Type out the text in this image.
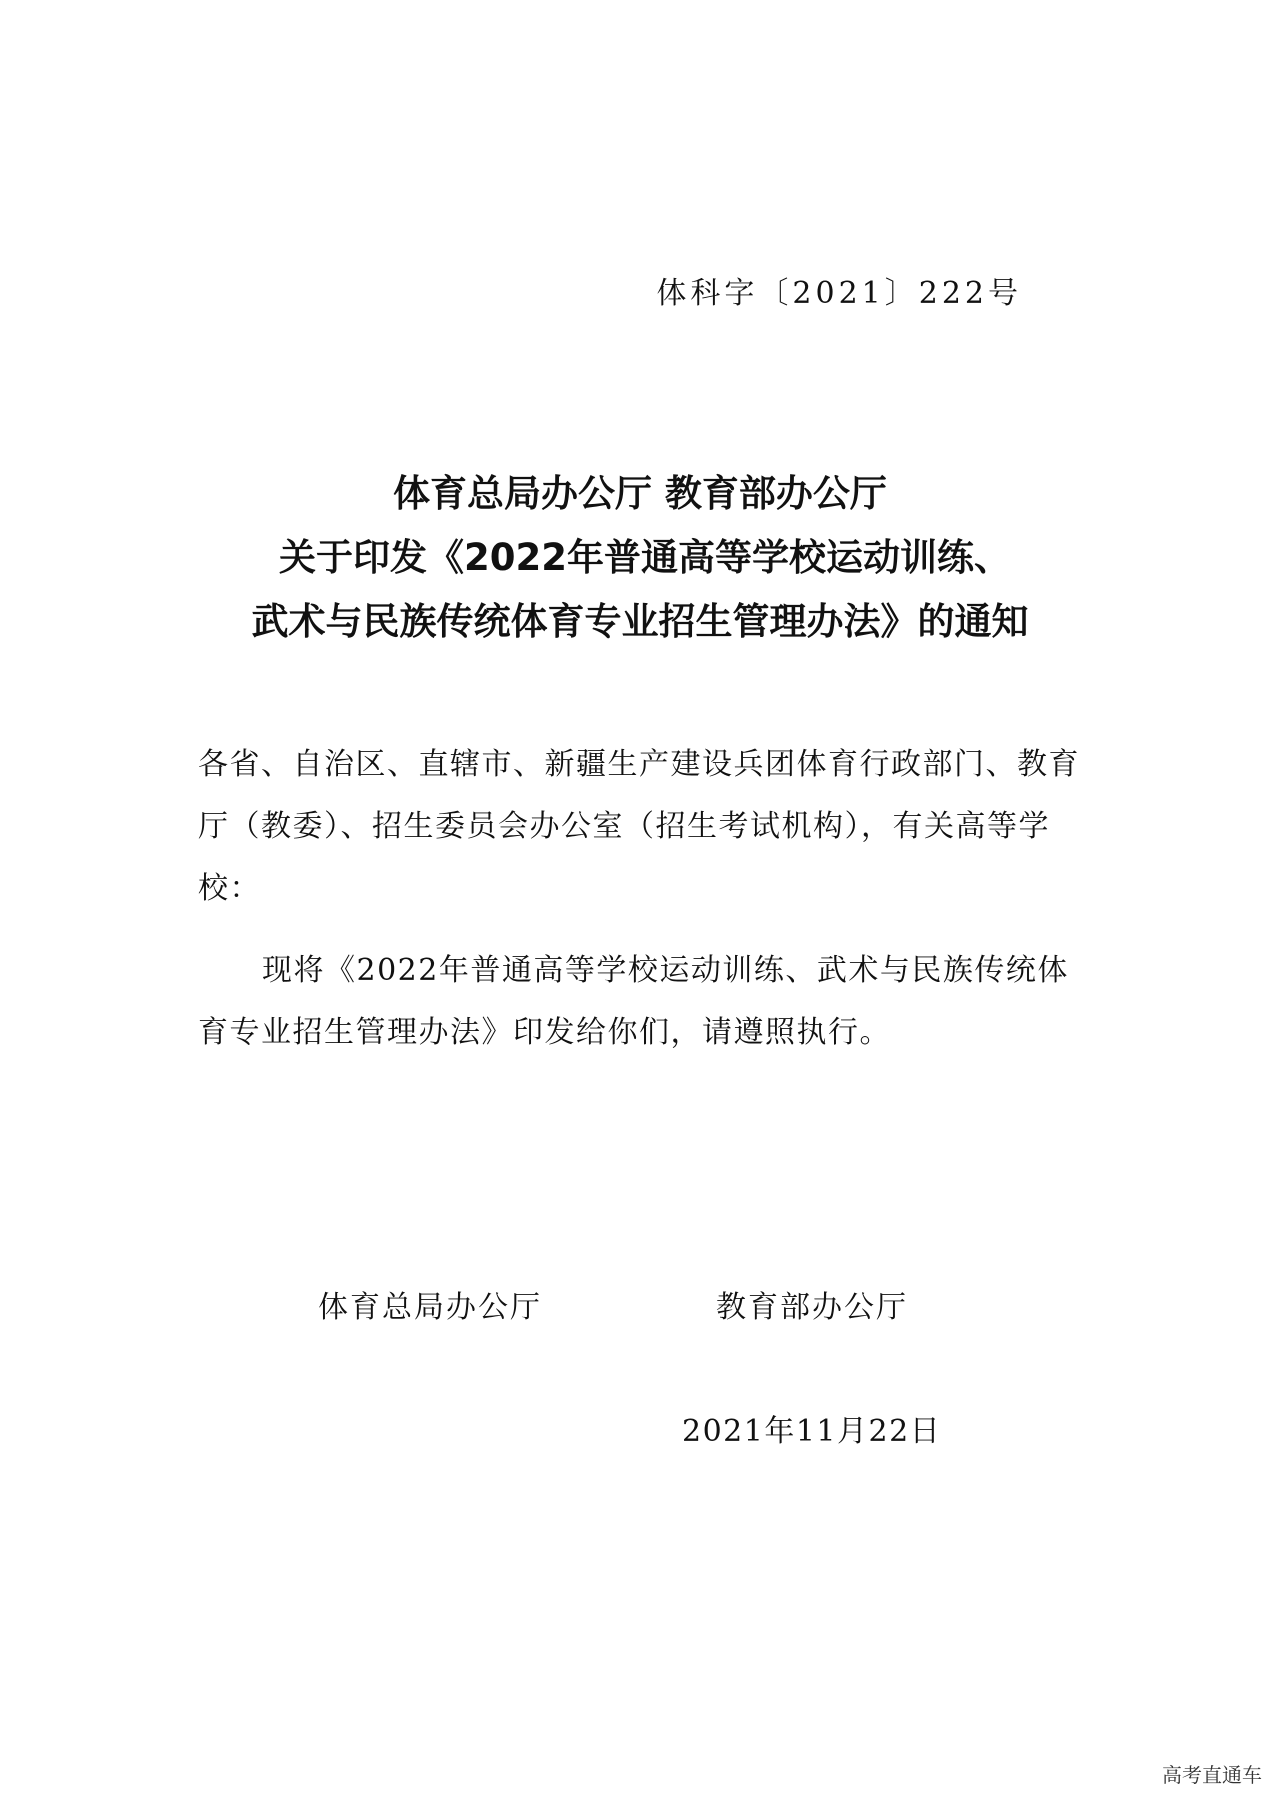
体科字〔2021〕222号
体育总局办公厅 教育部办公厅
关于印发《2022年普通高等学校运动训练、
武术与民族传统体育专业招生管理办法》的通知
各省、自治区、直辖市、新疆生产建设兵团体育行政部门、教育厅（教委）、招生委员会办公室（招生考试机构），有关高等学校：
现将《2022年普通高等学校运动训练、武术与民族传统体育专业招生管理办法》印发给你们，请遵照执行。
体育总局办公厅	教育部办公厅
2021年11月22日
高考直通车
